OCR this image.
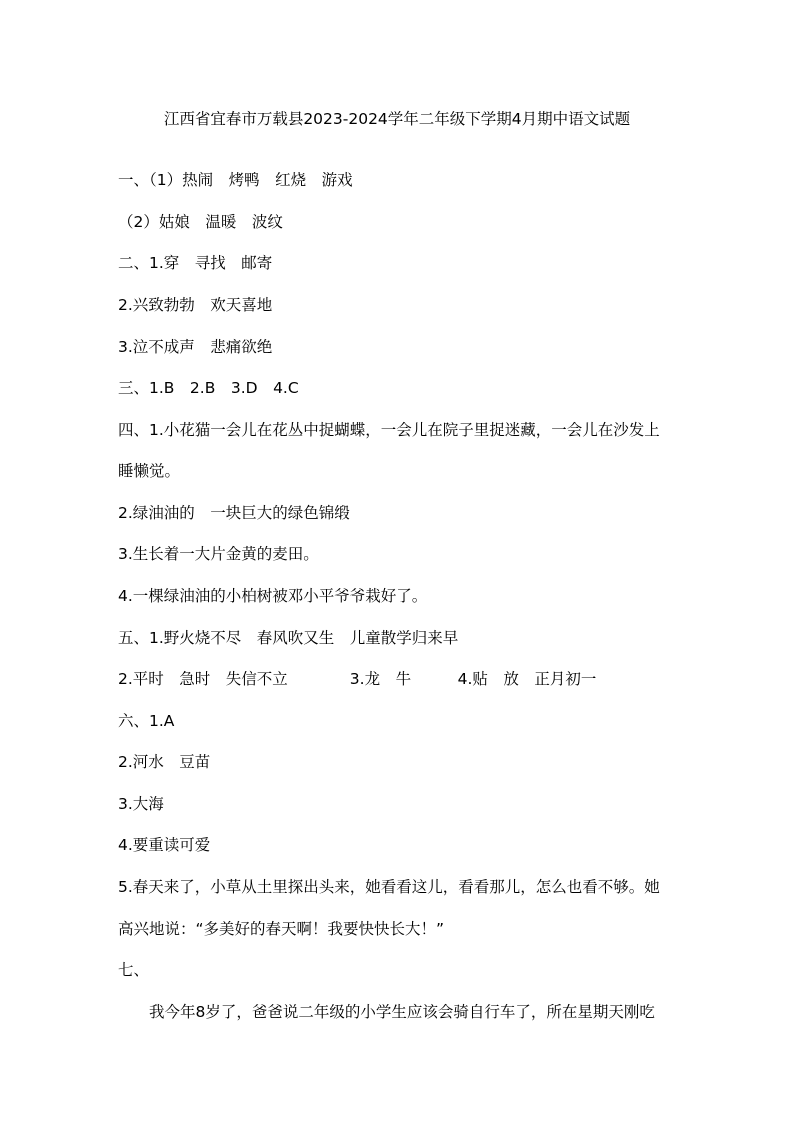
江西省宜春市万载县2023-2024学年二年级下学期4月期中语文试题
一、（1）热闹　烤鸭　红烧　游戏
（2）姑娘　温暖　波纹
二、1.穿　寻找　邮寄
2.兴致勃勃　欢天喜地
3.泣不成声　悲痛欲绝
三、1.B　2.B　3.D　4.C
四、1.小花猫一会儿在花丛中捉蝴蝶，一会儿在院子里捉迷藏，一会儿在沙发上
睡懒觉。
2.绿油油的　一块巨大的绿色锦缎
3.生长着一大片金黄的麦田。
4.一棵绿油油的小柏树被邓小平爷爷栽好了。
五、1.野火烧不尽　春风吹又生　儿童散学归来早
2.平时　急时　失信不立　　　　3.龙　牛　　　4.贴　放　正月初一
六、1.A
2.河水　豆苗
3.大海
4.要重读可爱
5.春天来了，小草从土里探出头来，她看看这儿，看看那儿，怎么也看不够。她
高兴地说：“多美好的春天啊！我要快快长大！”
七、
　　我今年8岁了，爸爸说二年级的小学生应该会骑自行车了，所在星期天刚吃
